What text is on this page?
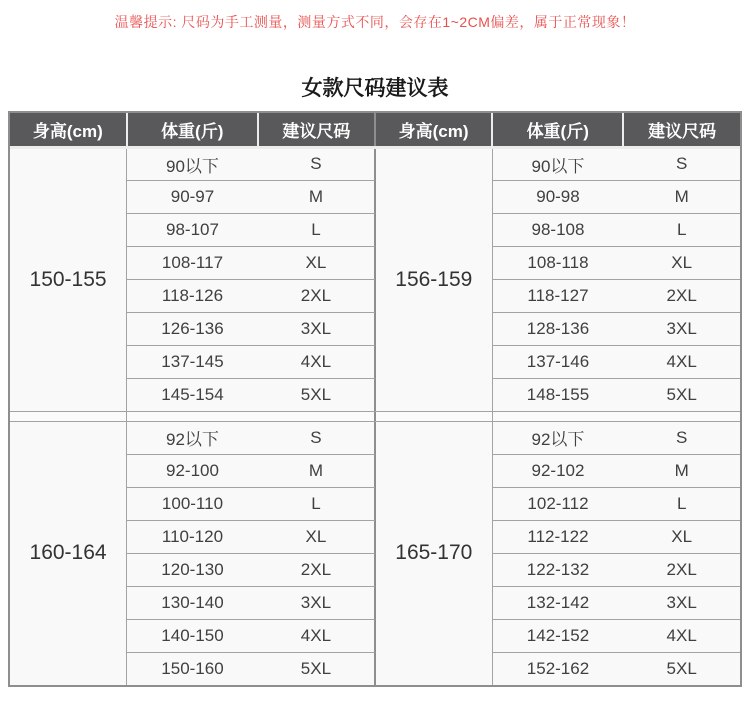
温馨提示: 尺码为手工测量，测量方式不同，会存在1~2CM偏差，属于正常现象！
女款尺码建议表
身高(cm)	体重(斤)	建议尺码
150-155	90以下	S
	90-97	M
	98-107	L
	108-117	XL
	118-126	2XL
	126-136	3XL
	137-145	4XL
	145-154	5XL

160-164	92以下	S
	92-100	M
	100-110	L
	110-120	XL
	120-130	2XL
	130-140	3XL
	140-150	4XL
	150-160	5XL
身高(cm)	体重(斤)	建议尺码
156-159	90以下	S
	90-98	M
	98-108	L
	108-118	XL
	118-127	2XL
	128-136	3XL
	137-146	4XL
	148-155	5XL

165-170	92以下	S
	92-102	M
	102-112	L
	112-122	XL
	122-132	2XL
	132-142	3XL
	142-152	4XL
	152-162	5XL
